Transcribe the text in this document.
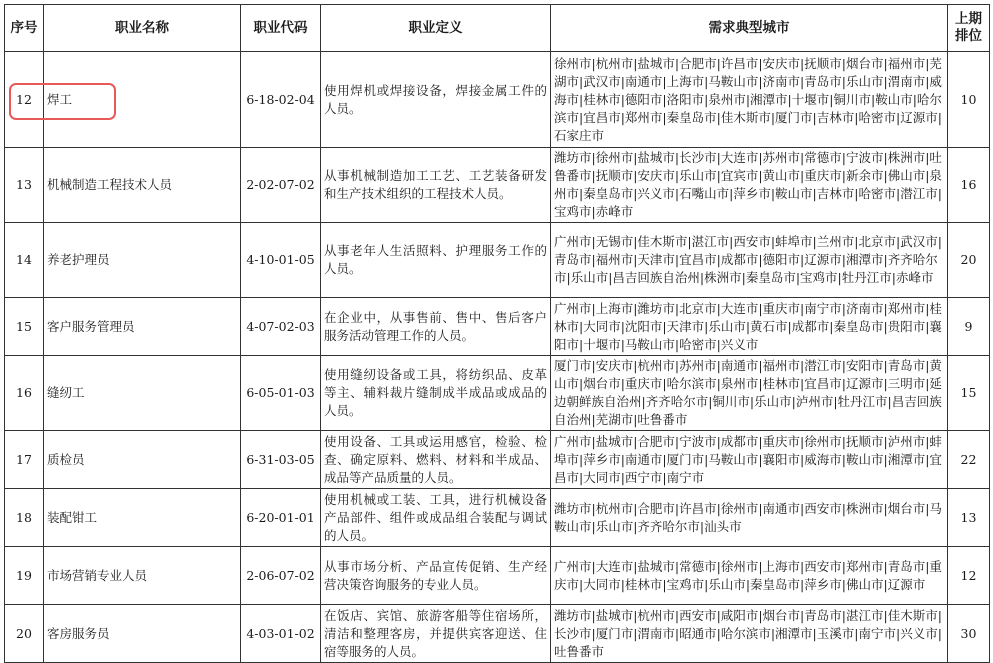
序号	职业名称	职业代码	职业定义	需求典型城市	上期
排位

12	焊工	6-18-02-04	使用焊机或焊接设备，焊接金属工件的人员。	徐州市|杭州市|盐城市|合肥市|许昌市|安庆市|抚顺市|烟台市|福州市|芜湖市|武汉市|南通市|上海市|马鞍山市|济南市|青岛市|乐山市|渭南市|威海市|桂林市|德阳市|洛阳市|泉州市|湘潭市|十堰市|铜川市|鞍山市|哈尔滨市|宜昌市|郑州市|秦皇岛市|佳木斯市|厦门市|吉林市|哈密市|辽源市|石家庄市	10
13	机械制造工程技术人员	2-02-07-02	从事机械制造加工工艺、工艺装备研发和生产技术组织的工程技术人员。	潍坊市|徐州市|盐城市|长沙市|大连市|苏州市|常德市|宁波市|株洲市|吐鲁番市|抚顺市|安庆市|乐山市|宜宾市|黄山市|重庆市|新余市|佛山市|泉州市|秦皇岛市|兴义市|石嘴山市|萍乡市|鞍山市|吉林市|哈密市|潜江市|宝鸡市|赤峰市	16
14	养老护理员	4-10-01-05	从事老年人生活照料、护理服务工作的人员。	广州市|无锡市|佳木斯市|湛江市|西安市|蚌埠市|兰州市|北京市|武汉市|青岛市|福州市|天津市|宜昌市|成都市|德阳市|辽源市|湘潭市|齐齐哈尔市|乐山市|昌吉回族自治州|株洲市|秦皇岛市|宝鸡市|牡丹江市|赤峰市	20
15	客户服务管理员	4-07-02-03	在企业中，从事售前、售中、售后客户服务活动管理工作的人员。	广州市|上海市|潍坊市|北京市|大连市|重庆市|南宁市|济南市|郑州市|桂林市|大同市|沈阳市|天津市|乐山市|黄石市|成都市|秦皇岛市|贵阳市|襄阳市|十堰市|马鞍山市|哈密市|兴义市	9
16	缝纫工	6-05-01-03	使用缝纫设备或工具，将纺织品、皮革等主、辅料裁片缝制成半成品或成品的人员。	厦门市|安庆市|杭州市|苏州市|南通市|福州市|潜江市|安阳市|青岛市|黄山市|烟台市|重庆市|哈尔滨市|泉州市|桂林市|宜昌市|辽源市|三明市|延边朝鲜族自治州|齐齐哈尔市|铜川市|乐山市|泸州市|牡丹江市|昌吉回族自治州|芜湖市|吐鲁番市	15
17	质检员	6-31-03-05	使用设备、工具或运用感官，检验、检查、确定原料、燃料、材料和半成品、成品等产品质量的人员。	广州市|盐城市|合肥市|宁波市|成都市|重庆市|徐州市|抚顺市|泸州市|蚌埠市|萍乡市|南通市|厦门市|马鞍山市|襄阳市|威海市|鞍山市|湘潭市|宜昌市|大同市|西宁市|南宁市	22
18	装配钳工	6-20-01-01	使用机械或工装、工具，进行机械设备产品部件、组件或成品组合装配与调试的人员。	潍坊市|杭州市|合肥市|许昌市|徐州市|南通市|西安市|株洲市|烟台市|马鞍山市|乐山市|齐齐哈尔市|汕头市	13
19	市场营销专业人员	2-06-07-02	从事市场分析、产品宣传促销、生产经营决策咨询服务的专业人员。	广州市|大连市|盐城市|常德市|徐州市|上海市|西安市|郑州市|青岛市|重庆市|大同市|桂林市|宝鸡市|乐山市|秦皇岛市|萍乡市|佛山市|辽源市	12
20	客房服务员	4-03-01-02	在饭店、宾馆、旅游客船等住宿场所，清洁和整理客房，并提供宾客迎送、住宿等服务的人员。	潍坊市|盐城市|杭州市|西安市|咸阳市|烟台市|青岛市|湛江市|佳木斯市|长沙市|厦门市|渭南市|昭通市|哈尔滨市|湘潭市|玉溪市|南宁市|兴义市|吐鲁番市	30
